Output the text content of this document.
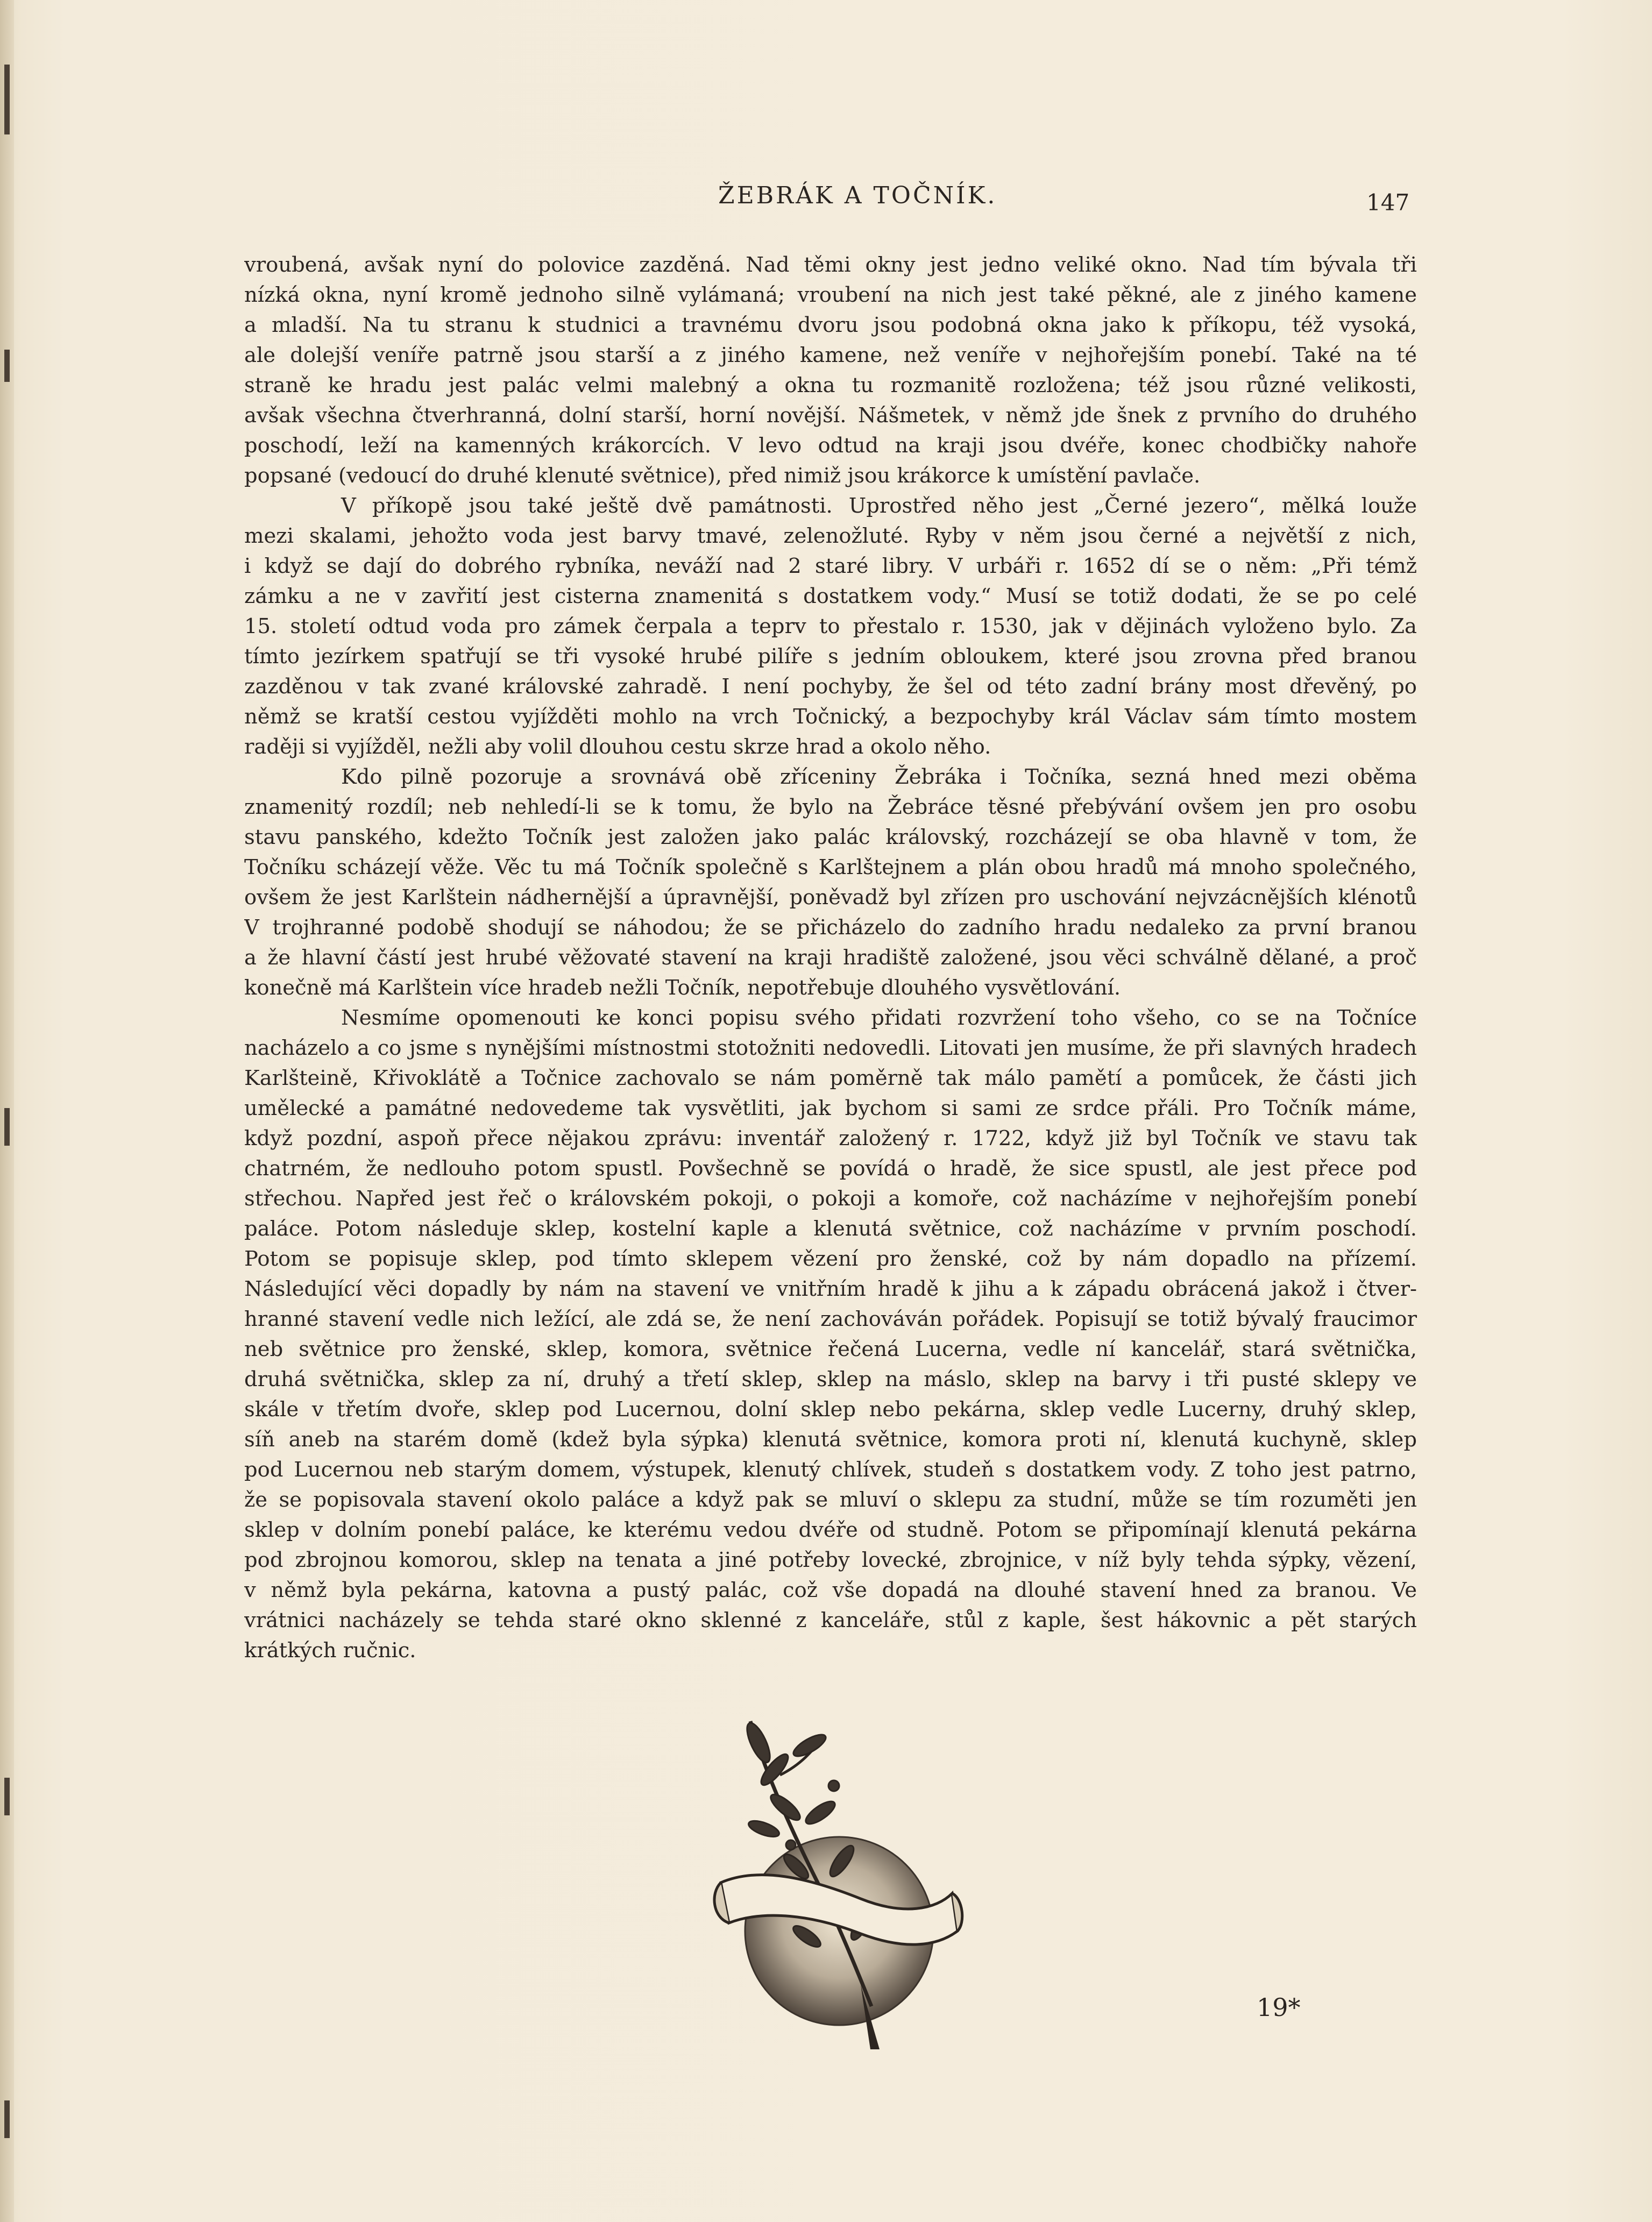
ŽEBRÁK A TOČNÍK.	147
vroubená, avšak nyní do polovice zazděná. Nad těmi okny jest jedno veliké okno. Nad tím bývala tři
nízká okna, nyní kromě jednoho silně vylámaná; vroubení na nich jest také pěkné, ale z jiného kamene
a mladší. Na tu stranu k studnici a travnému dvoru jsou podobná okna jako k příkopu, též vysoká,
ale dolejší veníře patrně jsou starší a z jiného kamene, než veníře v nejhořejším ponebí. Také na té
straně ke hradu jest palác velmi malebný a okna tu rozmanitě rozložena; též jsou různé velikosti,
avšak všechna čtverhranná, dolní starší, horní novější. Nášmetek, v němž jde šnek z prvního do druhého
poschodí, leží na kamenných krákorcích. V levo odtud na kraji jsou dvéře, konec chodbičky nahoře
popsané (vedoucí do druhé klenuté světnice), před nimiž jsou krákorce k umístění pavlače.
V příkopě jsou také ještě dvě památnosti. Uprostřed něho jest „Černé jezero“, mělká louže
mezi skalami, jehožto voda jest barvy tmavé, zelenožluté. Ryby v něm jsou černé a největší z nich,
i když se dají do dobrého rybníka, neváží nad 2 staré libry. V urbáři r. 1652 dí se o něm: „Při témž
zámku a ne v zavřití jest cisterna znamenitá s dostatkem vody.“ Musí se totiž dodati, že se po celé
15. století odtud voda pro zámek čerpala a teprv to přestalo r. 1530, jak v dějinách vyloženo bylo. Za
tímto jezírkem spatřují se tři vysoké hrubé pilíře s jedním obloukem, které jsou zrovna před branou
zazděnou v tak zvané královské zahradě. I není pochyby, že šel od této zadní brány most dřevěný, po
němž se kratší cestou vyjížděti mohlo na vrch Točnický, a bezpochyby král Václav sám tímto mostem
raději si vyjížděl, nežli aby volil dlouhou cestu skrze hrad a okolo něho.
Kdo pilně pozoruje a srovnává obě zříceniny Žebráka i Točníka, sezná hned mezi oběma
znamenitý rozdíl; neb nehledí-li se k tomu, že bylo na Žebráce těsné přebývání ovšem jen pro osobu
stavu panského, kdežto Točník jest založen jako palác královský, rozcházejí se oba hlavně v tom, že
Točníku scházejí věže. Věc tu má Točník společně s Karlštejnem a plán obou hradů má mnoho společného,
ovšem že jest Karlštein nádhernější a úpravnější, poněvadž byl zřízen pro uschování nejvzácnějších klénotů
V trojhranné podobě shodují se náhodou; že se přicházelo do zadního hradu nedaleko za první branou
a že hlavní částí jest hrubé věžovaté stavení na kraji hradiště založené, jsou věci schválně dělané, a proč
konečně má Karlštein více hradeb nežli Točník, nepotřebuje dlouhého vysvětlování.
Nesmíme opomenouti ke konci popisu svého přidati rozvržení toho všeho, co se na Točníce
nacházelo a co jsme s nynějšími místnostmi stotožniti nedovedli. Litovati jen musíme, že při slavných hradech
Karlšteině, Křivoklátě a Točnice zachovalo se nám poměrně tak málo pamětí a pomůcek, že části jich
umělecké a památné nedovedeme tak vysvětliti, jak bychom si sami ze srdce přáli. Pro Točník máme,
když pozdní, aspoň přece nějakou zprávu: inventář založený r. 1722, když již byl Točník ve stavu tak
chatrném, že nedlouho potom spustl. Povšechně se povídá o hradě, že sice spustl, ale jest přece pod
střechou. Napřed jest řeč o královském pokoji, o pokoji a komoře, což nacházíme v nejhořejším ponebí
paláce. Potom následuje sklep, kostelní kaple a klenutá světnice, což nacházíme v prvním poschodí.
Potom se popisuje sklep, pod tímto sklepem vězení pro ženské, což by nám dopadlo na přízemí.
Následující věci dopadly by nám na stavení ve vnitřním hradě k jihu a k západu obrácená jakož i čtver-
hranné stavení vedle nich ležící, ale zdá se, že není zachováván pořádek. Popisují se totiž bývalý fraucimor
neb světnice pro ženské, sklep, komora, světnice řečená Lucerna, vedle ní kancelář, stará světnička,
druhá světnička, sklep za ní, druhý a třetí sklep, sklep na máslo, sklep na barvy i tři pusté sklepy ve
skále v třetím dvoře, sklep pod Lucernou, dolní sklep nebo pekárna, sklep vedle Lucerny, druhý sklep,
síň aneb na starém domě (kdež byla sýpka) klenutá světnice, komora proti ní, klenutá kuchyně, sklep
pod Lucernou neb starým domem, výstupek, klenutý chlívek, studeň s dostatkem vody. Z toho jest patrno,
že se popisovala stavení okolo paláce a když pak se mluví o sklepu za studní, může se tím rozuměti jen
sklep v dolním ponebí paláce, ke kterému vedou dvéře od studně. Potom se připomínají klenutá pekárna
pod zbrojnou komorou, sklep na tenata a jiné potřeby lovecké, zbrojnice, v níž byly tehda sýpky, vězení,
v němž byla pekárna, katovna a pustý palác, což vše dopadá na dlouhé stavení hned za branou. Ve
vrátnici nacházely se tehda staré okno sklenné z kanceláře, stůl z kaple, šest hákovnic a pět starých
krátkých ručnic.
19*
